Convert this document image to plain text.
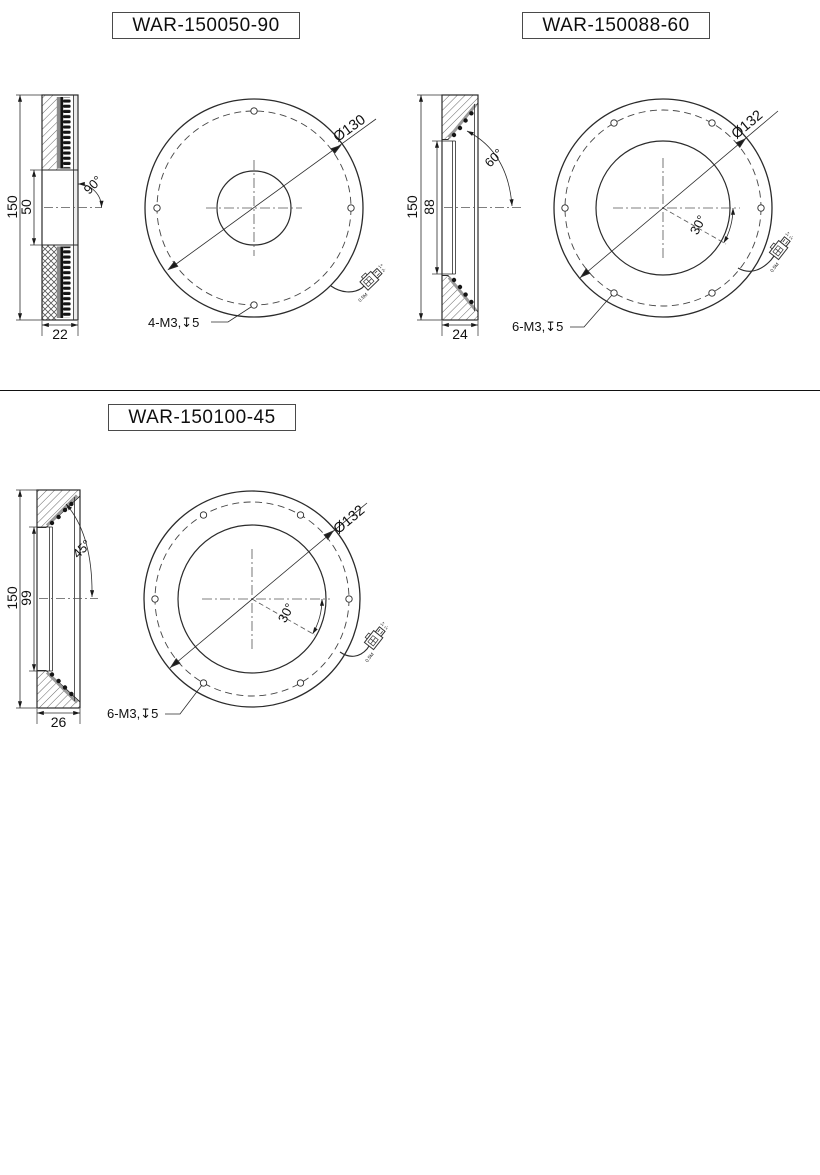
WAR-150050-90	WAR-150088-60
WAR-150100-45
150
50
22
90°
Ø130
4-M3,↧5
1+
2-
0.5M
150 88
24
60°
Ø132
6-M3,↧5
30°	1+
2-
0.5M
150
99
26
45°
Ø132
6-M3,↧5
30°	1+
2-
0.5M
